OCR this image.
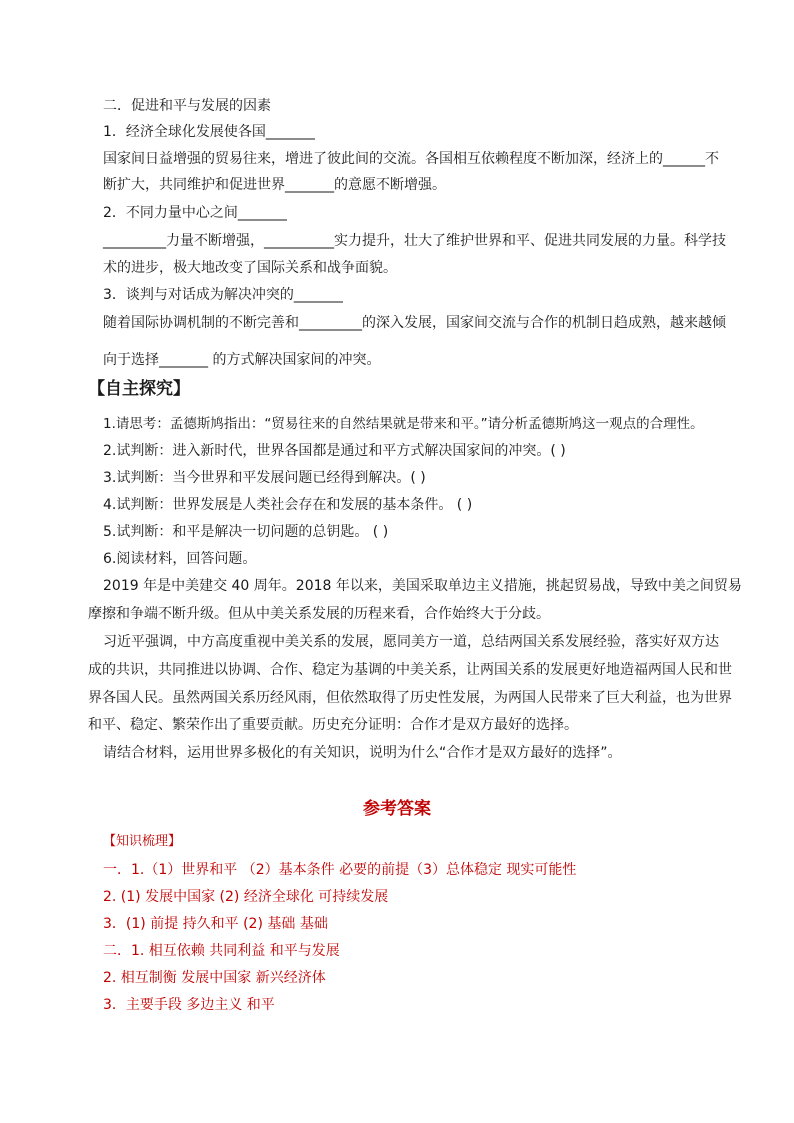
二．促进和平与发展的因素
1．经济全球化发展使各国_______
国家间日益增强的贸易往来，增进了彼此间的交流。各国相互依赖程度不断加深，经济上的______不
断扩大，共同维护和促进世界_______的意愿不断增强。
2．不同力量中心之间_______
_________力量不断增强，__________实力提升，壮大了维护世界和平、促进共同发展的力量。科学技
术的进步，极大地改变了国际关系和战争面貌。
3．谈判与对话成为解决冲突的_______
随着国际协调机制的不断完善和_________的深入发展，国家间交流与合作的机制日趋成熟，越来越倾
向于选择_______ 的方式解决国家间的冲突。
【自主探究】
1.请思考：孟德斯鸠指出：“贸易往来的自然结果就是带来和平。”请分析孟德斯鸠这一观点的合理性。
2.试判断：进入新时代，世界各国都是通过和平方式解决国家间的冲突。( )
3.试判断：当今世界和平发展问题已经得到解决。( )
4.试判断：世界发展是人类社会存在和发展的基本条件。 ( )
5.试判断：和平是解决一切问题的总钥匙。 ( )
6.阅读材料，回答问题。
2019 年是中美建交 40 周年。2018 年以来，美国采取单边主义措施，挑起贸易战，导致中美之间贸易
摩擦和争端不断升级。但从中美关系发展的历程来看，合作始终大于分歧。
习近平强调，中方高度重视中美关系的发展，愿同美方一道，总结两国关系发展经验，落实好双方达
成的共识，共同推进以协调、合作、稳定为基调的中美关系，让两国关系的发展更好地造福两国人民和世
界各国人民。虽然两国关系历经风雨，但依然取得了历史性发展，为两国人民带来了巨大利益，也为世界
和平、稳定、繁荣作出了重要贡献。历史充分证明：合作才是双方最好的选择。
请结合材料，运用世界多极化的有关知识，说明为什么“合作才是双方最好的选择”。
参考答案
【知识梳理】
一．1.（1）世界和平 （2）基本条件 必要的前提（3）总体稳定 现实可能性
2. (1) 发展中国家 (2) 经济全球化 可持续发展
3．(1) 前提 持久和平 (2) 基础 基础
二．1. 相互依赖 共同利益 和平与发展
2. 相互制衡 发展中国家 新兴经济体
3．主要手段 多边主义 和平
